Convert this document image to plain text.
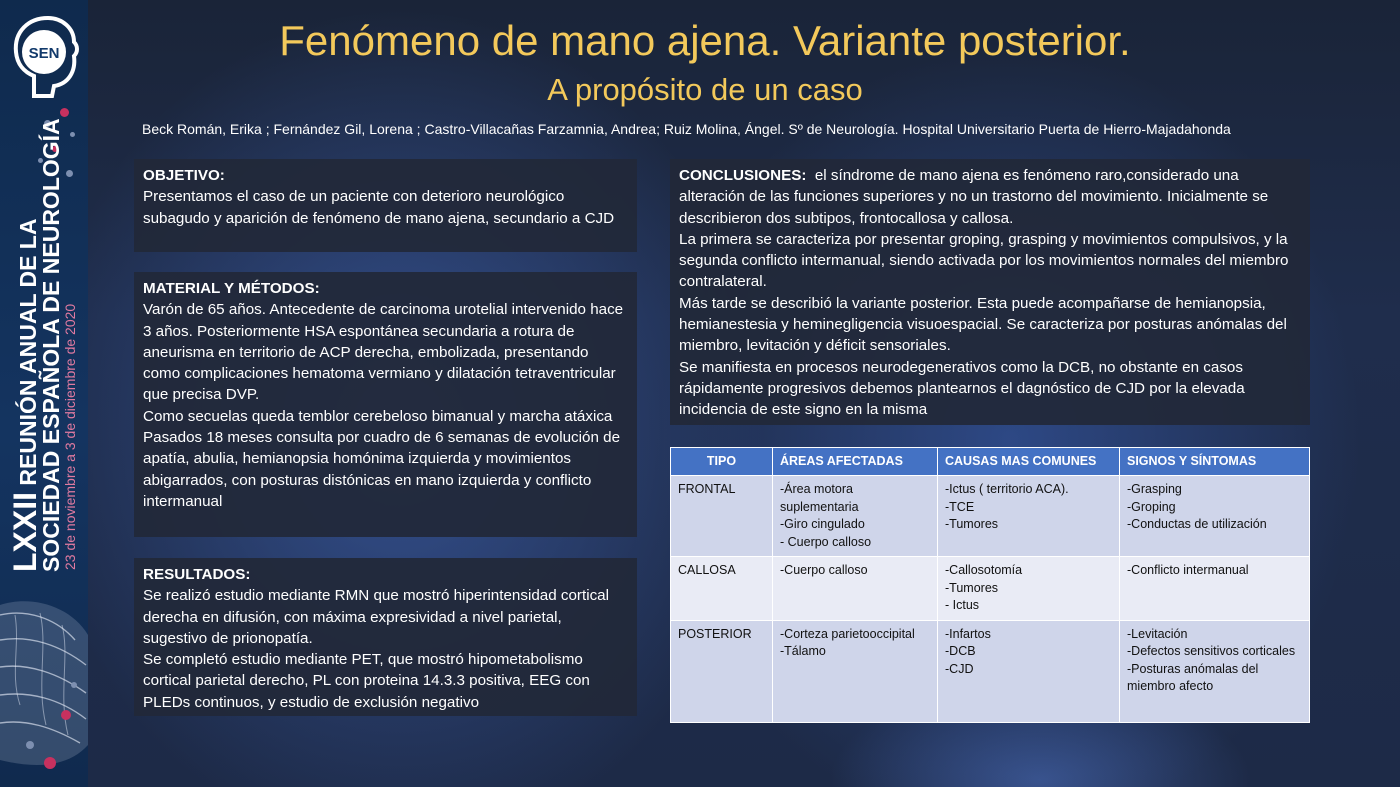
SEN
LXXII REUNIÓN ANUAL DE LA
SOCIEDAD ESPAÑOLA DE NEUROLOGÍA
23 de noviembre a 3 de diciembre de 2020
Fenómeno de mano ajena. Variante posterior.
A propósito de un caso
Beck Román, Erika ; Fernández Gil, Lorena ; Castro-Villacañas Farzamnia, Andrea; Ruiz Molina, Ángel. Sº de Neurología. Hospital Universitario Puerta de Hierro-Majadahonda
OBJETIVO:
Presentamos el caso de un paciente con deterioro neurológico subagudo y aparición de fenómeno de mano ajena, secundario a CJD
MATERIAL Y MÉTODOS:
Varón de 65 años. Antecedente de carcinoma urotelial intervenido hace 3 años. Posteriormente HSA espontánea secundaria a rotura de aneurisma en territorio de ACP derecha, embolizada, presentando como complicaciones hematoma vermiano y dilatación tetraventricular que precisa DVP.
Como secuelas queda temblor cerebeloso bimanual y marcha atáxica
Pasados 18 meses consulta por cuadro de 6 semanas de evolución de apatía, abulia, hemianopsia homónima izquierda y movimientos abigarrados, con posturas distónicas en mano izquierda y conflicto intermanual
RESULTADOS:
Se realizó estudio mediante RMN que mostró hiperintensidad cortical derecha en difusión, con máxima expresividad a nivel parietal, sugestivo de prionopatía.
Se completó estudio mediante PET, que mostró hipometabolismo cortical parietal derecho, PL con proteina 14.3.3 positiva, EEG con PLEDs continuos, y estudio de exclusión negativo

CONCLUSIONES:  el síndrome de mano ajena es fenómeno raro,considerado una alteración de las funciones superiores y no un trastorno del movimiento. Inicialmente se describieron dos subtipos, frontocallosa y callosa.

La primera se caracteriza por presentar groping, grasping y movimientos compulsivos, y la segunda conflicto intermanual, siendo activada por los movimientos normales del miembro contralateral.

Más tarde se describió la variante posterior. Esta puede acompañarse de hemianopsia, hemianestesia y heminegligencia visuoespacial. Se caracteriza por posturas anómalas del miembro, levitación y déficit sensoriales.

Se manifiesta en procesos neurodegenerativos como la DCB, no obstante en casos rápidamente progresivos debemos plantearnos el dagnóstico de CJD por la elevada incidencia de este signo en la misma

TIPO	ÁREAS AFECTADAS	CAUSAS MAS COMUNES	SIGNOS Y SÍNTOMAS
FRONTAL	-Área motora suplementaria
-Giro cingulado
- Cuerpo calloso	-Ictus ( territorio ACA).
-TCE
-Tumores	-Grasping
-Groping
-Conductas de utilización

CALLOSA	-Cuerpo calloso	-Callosotomía
-Tumores
- Ictus	-Conflicto intermanual

POSTERIOR	-Corteza parietooccipital
-Tálamo	-Infartos
-DCB
-CJD	-Levitación
-Defectos sensitivos corticales
-Posturas anómalas del miembro afecto
